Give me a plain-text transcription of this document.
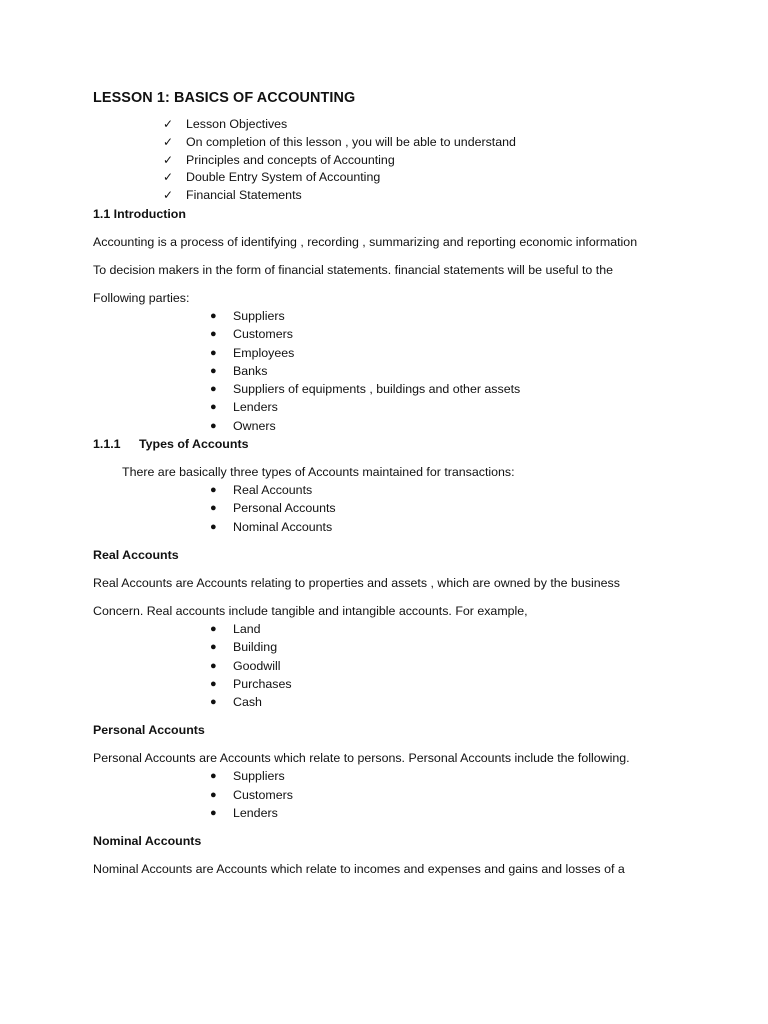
LESSON 1: BASICS OF ACCOUNTING
✓	Lesson Objectives
✓	On completion of this lesson , you will be able to understand
✓	Principles and concepts of Accounting
✓	Double Entry System of Accounting
✓	Financial Statements

1.1 Introduction

Accounting is a process of identifying , recording , summarizing and reporting economic information

To decision makers in the form of financial statements. financial statements will be useful to the

Following parties:

●	Suppliers
●	Customers
●	Employees
●	Banks
●	Suppliers of equipments , buildings and other assets
●	Lenders
●	Owners
1.1.1	Types of Accounts

There are basically three types of Accounts maintained for transactions:

●	Real Accounts
●	Personal Accounts
●	Nominal Accounts

Real Accounts

Real Accounts are Accounts relating to properties and assets , which are owned by the business

Concern. Real accounts include tangible and intangible accounts. For example,

●	Land
●	Building
●	Goodwill
●	Purchases
●	Cash

Personal Accounts

Personal Accounts are Accounts which relate to persons. Personal Accounts include the following.

●	Suppliers
●	Customers
●	Lenders

Nominal Accounts

Nominal Accounts are Accounts which relate to incomes and expenses and gains and losses of a
